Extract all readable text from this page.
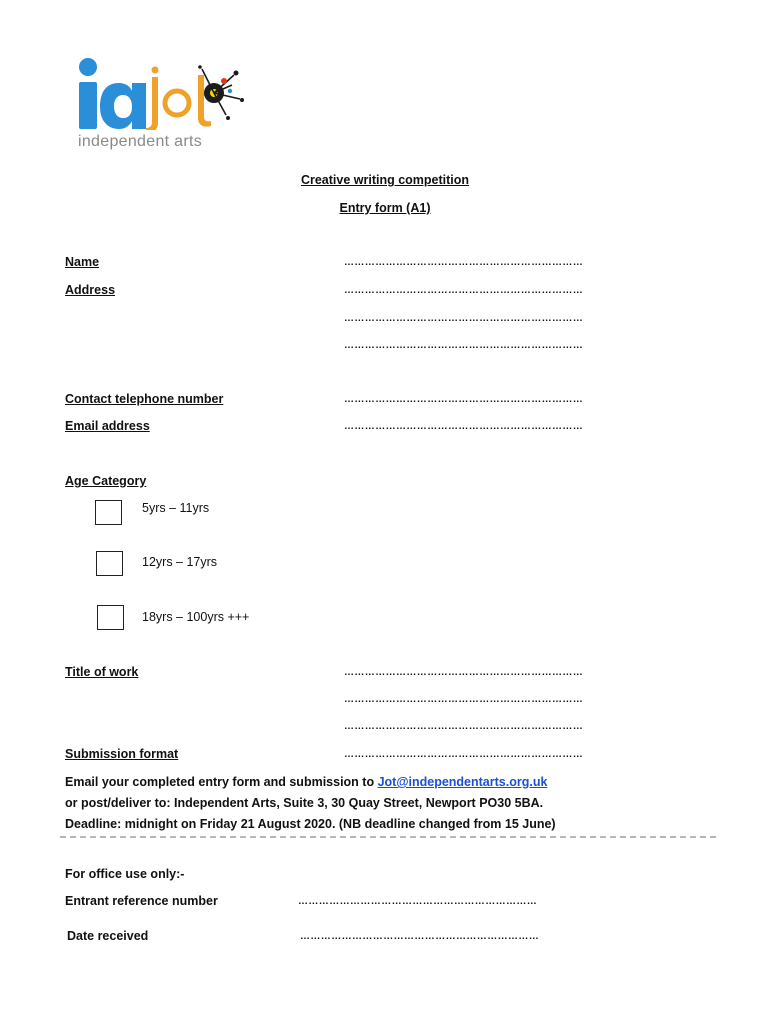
independent arts
Creative writing competition
Entry form (A1)
Name	……………………………………………………………
Address	……………………………………………………………
……………………………………………………………
……………………………………………………………
Contact telephone number	……………………………………………………………
Email address	……………………………………………………………
Age Category
5yrs – 11yrs
12yrs – 17yrs
18yrs – 100yrs +++
Title of work	……………………………………………………………
……………………………………………………………
……………………………………………………………
Submission format	……………………………………………………………
Email your completed entry form and submission to Jot@independentarts.org.uk
or post/deliver to: Independent Arts, Suite 3, 30 Quay Street, Newport PO30 5BA.
Deadline: midnight on Friday 21 August 2020. (NB deadline changed from 15 June)
For office use only:-
Entrant reference number	……………………………………………………………
Date received	……………………………………………………………
